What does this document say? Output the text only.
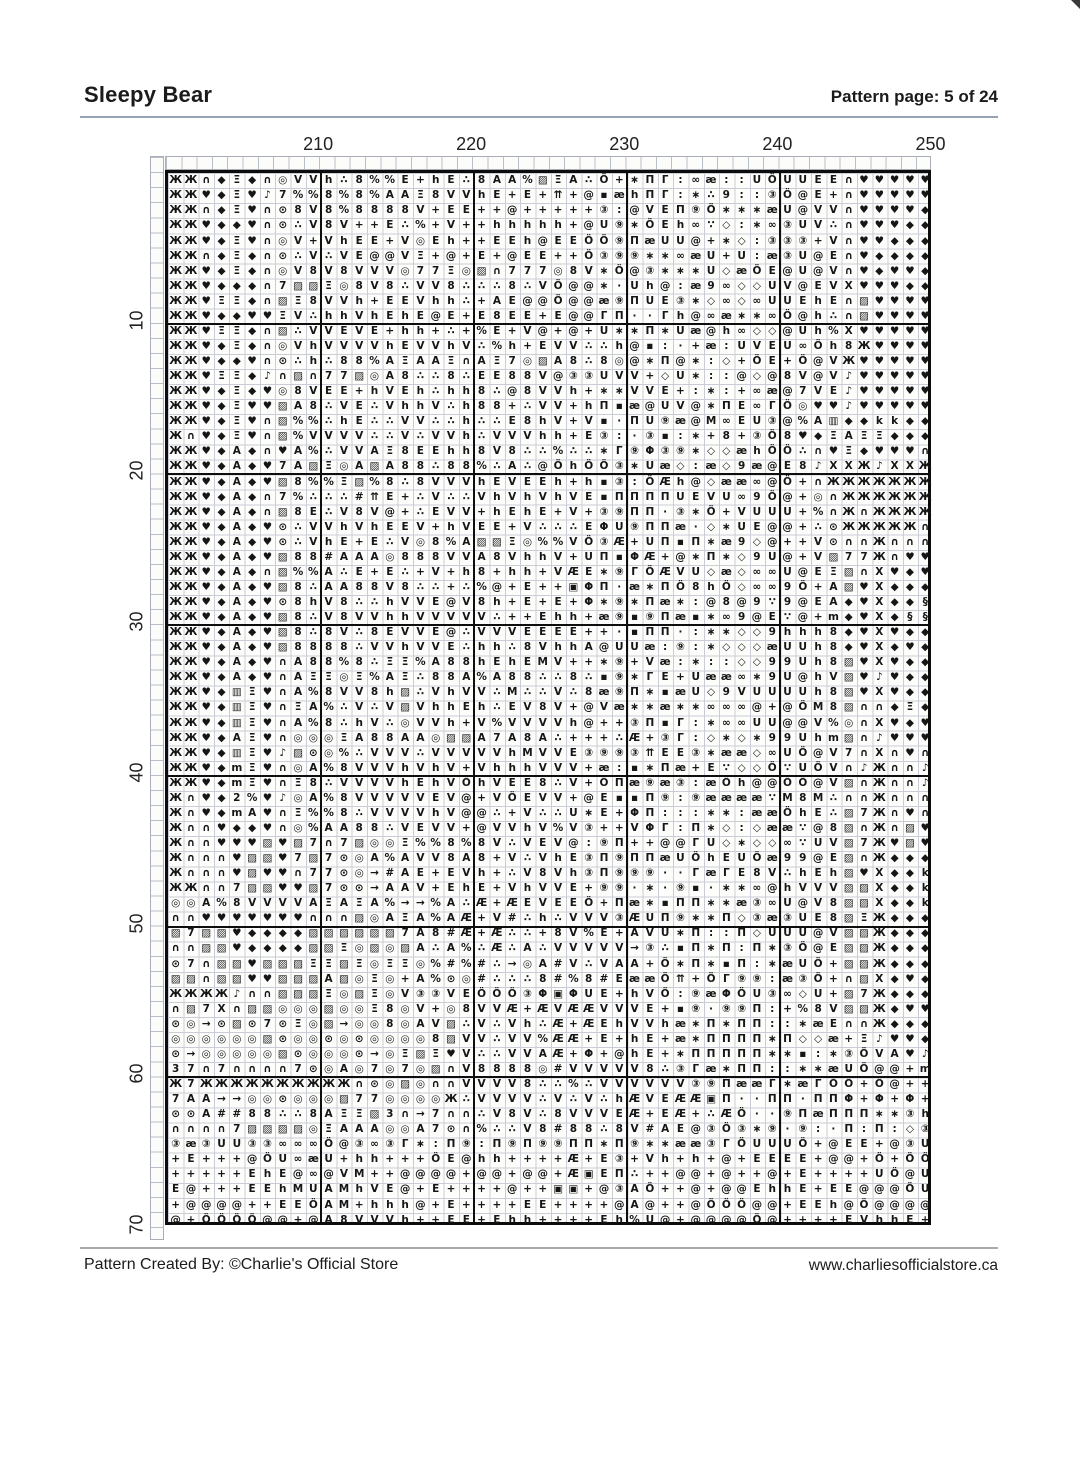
Sleepy Bear	Pattern page: 5 of 24
210	220	230	240	250
10
20
30
40
50
60
70
Ж Ж ∩ ◆ Ξ ◆ ∩ ◎ V V h ∴ 8 % % E + h E ∴ 8 A A % ▨ Ξ A ∴ Ö + ∗ Π Γ : ∞ æ :	: U Ö U U E E ∩ ♥ ♥ ♥ ♥ ♥
Ж Ж ♥ ◆ Ξ ♥ ♪ 7 % % 8 % 8 % A A Ξ 8 V V h E + E + ⇈ + @ ▪ æ h Π Γ : ∗ ∴ 9 :	: ③ Ö @ E + ∩ ♥ ♥ ♥ ♥ ♥
Ж Ж ∩ ◆ Ξ ♥ ∩ ⊙ 8 V 8 % 8 8 8 8 V + E E + + @ + + + + + ③ : @ V E Π ⑨ Ö ∗ ∗ ∗ æ U @ V V ∩ ♥ ♥ ♥ ♥ ◆
Ж Ж ♥ ◆ ◆ ♥ ∩ ⊙ ∴ V 8 V + + E ∴ % + V + + h h h h h + @ U ⑨ ∗ Ö E h ∞ ∵ ◇ : ∗ ∞ ③ U V ∴ ∩ ♥ ♥ ♥ ◆ ◆
Ж Ж ♥ ◆ Ξ ♥ ∩ ◎ V + V h E E + V ◎ E h + + E E h @ E E Ö Ö ⑨ Π æ U U @ + ∗ ◇ : ③ ③ ③ + V ∩ ♥ ♥ ◆ ◆ ◆
Ж Ж ∩ ◆ Ξ ◆ ∩ ⊙ ∴ V ∴ V E @ @ V Ξ + @ + E + @ E E + + Ö ③ ⑨ ⑨ ∗ ∗ ∞ æ U + U : æ ③ U @ E ∩ ♥ ◆ ◆ ◆ ◆
Ж Ж ♥ ◆ Ξ ◆ ∩ ◎ V 8 V 8 V V V ◎ 7 7 Ξ ◎ ▨ ∩ 7 7 7 ◎ 8 V ∗ Ö @ ③ ∗ ∗ ∗ U ◇ æ Ö E @ U @ V ∩ ♥ ◆ ♥ ♥ ◆
Ж Ж ♥ ◆ ◆ ◆ ∩ 7 ▨ ▨ Ξ ◎ 8 V 8 ∴ V V 8 ∴ ∴ ∴ 8 ∴ V Ö @ @ ∗ · U h @ : æ 9 ∞ ◇ ◇ U V @ E V X ♥ ♥ ♥ ◆ ◆
Ж Ж ♥ Ξ Ξ ◆ ∩ ▨ Ξ 8 V V h + E E V h h ∴ + A E @ @ Ö @ @ æ ⑨ Π U E ③ ∗ ◇ ∞ ◇ ∞ U U E h E ∩ ▨ ♥ ♥ ♥ ♥
Ж Ж ♥ ◆ ◆ ♥ ♥ Ξ V ∴ h h V h E h E @ E + E 8 E E + E @ @ Γ Π ·	· Γ h @ ∞ æ ∗ ∗ ∞ Ö @ h ∴ ∩ ▨ ♥ ♥ ♥ ♥
Ж Ж ♥ Ξ Ξ ◆ ∩ ▨ ∴ V V E V E + h h + ∴ + % E + V @ + @ + U ∗ ∗ Π ∗ U æ @ h ∞ ◇ ◇ @ U h % X ♥ ♥ ♥ ♥ ♥
Ж Ж ♥ ◆ Ξ ◆ ∩ ◎ V h V V V V h E V V h V ∴ % h + E V V ∴ ∴ h @ ▪ :	· + æ : U V E U ∞ Ö h 8 Ж ♥ ♥ ♥ ♥
Ж Ж ♥ ◆ ◆ ♥ ∩ ⊙ ∴ h ∴ 8 8 % A Ξ A A Ξ ∩ A Ξ 7 ◎ ▨ A 8 ∴ 8 ◎ @ ∗ Π @ ∗ : ◇ + Ö E + Ö @ V Ж ♥ ♥ ♥ ♥ ♥
Ж Ж ♥ Ξ Ξ ◆ ♪ ∩ ▨ ∩ 7 7 ▨ ◎ A 8 ∴ ∴ 8 ∴ E E 8 8 V @ ③ ③ U V V + ◇ U ∗ :	: @ ◇ @ 8 V @ V ♪ ♥ ♥ ♥ ♥ ♥
Ж Ж ♥ ◆ Ξ ◆ ♥ ◎ 8 V E E + h V E h ∴ h h 8 ∴ @ 8 V V h + ∗ ∗ V V E + : ∗ : + ∞ æ @ 7 V E ♪ ♥ ♥ ♥ ♥ ♥
Ж Ж ♥ ◆ Ξ ♥ ♥ ▨ A 8 ∴ V E ∴ V h h V ∴ h 8 8 + ∴ V V + h Π ▪ æ @ U V @ ∗ Π E ∞ Γ Ö ◎ ♥ ♥ ♪ ♥ ♥ ♥ ♥ ♥
Ж Ж ♥ ◆ Ξ ♥ ∩ ▨ % % ∴ h E ∴ ∴ V V ∴ ∴ h ∴ ∴ E 8 h V + V ▪ · Π U ⑨ æ @ M ∞ E U ③ @ % A ▥ ◆ ◆ k k ◆ ◆
Ж ∩ ♥ ◆ Ξ ♥ ∩ ▨ % V V V V ∴ ∴ V ∴ V V h ∴ V V V h h + E ③ :	· ③ ▪ : ∗ + 8 + ③ Ö 8 ♥ ◆ Ξ A Ξ Ξ ◆ ◆ ◆
Ж Ж ♥ ◆ A ◆ ∩ ♥ A % ∴ V V A Ξ 8 E E h h 8 V 8 ∴ ∴ % ∴ ∴ ∗ Γ ⑨ Φ ③ ⑨ ∗ ◇ ◇ æ h Ö Ö ∴ ∩ ♥ Ξ ◆ ♥ ♥ ♥ ∩
Ж Ж ♥ ◆ A ◆ ♥ 7 A ▨ Ξ ◎ A ▨ A 8 8 ∴ 8 8 % ∴ A ∴ @ Ö h Ö Ö ③ ∗ U æ ◇ : æ ◇ 9 æ @ E 8 ♪ X X Ж ♪ X X Ж
Ж Ж ♥ ◆ A ◆ ♥ ▨ 8 % % Ξ ▨ % 8 ∴ 8 V V V h E V E E h + h ▪ ③ : Ö Æ h @ ◇ æ æ ∞ @ Ö + ∩ Ж Ж Ж Ж Ж Ж Ж
Ж Ж ♥ ◆ A ◆ ∩ 7 % ∴ ∴ ∴ # ⇈ E + ∴ V ∴ ∴ V h V h V h V E ▪ Π Π Π Π U E V U ∞ 9 Ö @ + ◎ ∩ Ж Ж Ж Ж Ж Ж
Ж Ж ♥ ◆ A ◆ ∩ ▨ 8 E ∴ V 8 V @ + ∴ E V V + h E h E + V + ③ ⑨ Π Π · ③ ∗ Ö + V U U U + % ∩ Ж ∩ Ж Ж Ж Ж
Ж Ж ♥ ◆ A ◆ ♥ ⊙ ∴ V V h V h E E V + h V E E + V ∴ ∴ ∴ E Φ U ⑨ Π Π æ · ◇ ∗ U E @ @ + ∴ ⊙ Ж Ж Ж Ж Ж ∩
Ж Ж ♥ ◆ A ◆ ♥ ⊙ ∴ V h E + E ∴ V ◎ 8 % A ▨ ▨ Ξ ◎ % % V Ö ③ Æ + U Π ▪ Π ∗ æ 9 ◇ @ + + V ⊙ ∩ ∩ Ж ∩ ∩ ∩
Ж Ж ♥ ◆ A ◆ ♥ ▨ 8 8 # A A A ◎ 8 8 8 V V A 8 V h h V + U Π ▪ Φ Æ + @ ∗ Π ∗ ◇ 9 U @ + V ▨ 7 7 Ж ∩ ♥ ♥
Ж Ж ♥ ◆ A ◆ ∩ ▨ % % A ∴ E + E ∴ + V + h 8 + h h + V Æ E ∗ ⑨ Γ Ö Æ V U ◇ æ ◇ ∞ ∞ U @ E Ξ ▨ ∩ X ♥ ◆ ♥
Ж Ж ♥ ◆ A ◆ ♥ ▨ 8 ∴ A A 8 8 V 8 ∴ ∴ + ∴ % @ + E + + ▣ Φ Π · æ ∗ Π Ö 8 h Ö ◇ ∞ ∞ 9 Ö + A ▨ ♥ X ◆ ◆ ◆
Ж Ж ♥ ◆ A ◆ ♥ ⊙ 8 h V 8 ∴ ∴ h V V E @ V 8 h + E + E + Φ ∗ ⑨ ∗ Π æ ∗ : @ 8 @ 9 ∵ 9 @ E A ◆ ♥ X ◆ ◆ §
Ж Ж ♥ ◆ A ◆ ♥ ▨ 8 ∴ V 8 V V h h V V V V V ∴ + + E h h + æ ⑨ ▪ ⑨ Π æ ▪ ∗ ∞ 9 @ E ∵ @ + m ◆ ♥ X ◆ § §
Ж Ж ♥ ◆ A ◆ ♥ ▨ 8 ∴ 8 V ∴ 8 E V V E @ ∴ V V V E E E E + + · ▪ Π Π ·	: ∗ ∗ ◇ ◇ 9 h h h 8 ◆ ♥ X ♥ ◆ ◆
Ж Ж ♥ ◆ A ◆ ♥ ▨ 8 8 8 8 ∴ V V h V V E ∴ h h ∴ 8 V h h A @ U U æ : ⑨ : ∗ ◇ ◇ ◇ æ U U h 8 ◆ ♥ X ◆ ♥ ◆
Ж Ж ♥ ◆ A ◆ ♥ ∩ A 8 8 % 8 ∴ Ξ Ξ % A 8 8 h E h E M V + + ∗ ⑨ + V æ : ∗ :	: ◇ ◇ 9 9 U h 8 ▨ ♥ X ♥ ◆ ◆
Ж Ж ♥ ◆ A ◆ ♥ ∩ A Ξ Ξ ◎ Ξ % A Ξ ∴ 8 8 A % A 8 8 ∴ ∴ 8 ∴ ▪ ⑨ ∗ Γ E + U æ æ ∞ ∗ 9 U @ h V ▨ ♥ ♪ ♥ ◆ ◆
Ж Ж ♥ ◆ ▥ Ξ ♥ ∩ A % 8 V V 8 h ▨ ∴ V h V V ∴ M ∴ ∴ V ∴ 8 æ ⑨ Π ∗ ▪ æ U ◇ 9 V U U U U h 8 ▨ ♥ X ♥ ◆ ◆
Ж Ж ♥ ◆ ▥ Ξ ♥ ∩ Ξ A % ∴ V ∴ V ▨ V h h E h ∴ E V 8 V + @ V æ ∗ ∗ æ ∗ ∗ ∞ ∞ ∞ @ + @ Ö M 8 ▨ ∩ ∩ ◆ Ξ ◆
Ж Ж ♥ ◆ ▥ Ξ ♥ ∩ A % 8 ∴ h V ∴ ◎ V V h + V % V V V V h @ + + ③ Π ▪ Γ : ∗ ∞ ∞ U U @ @ V % ◎ ∩ X ♥ ◆ ♥
Ж Ж ♥ ◆ A Ξ ♥ ∩ ◎ ◎ ◎ Ξ A 8 8 A A ◎ ▨ ▨ A 7 A 8 A ∴ + + + ∴ Æ + ③ Γ : ◇ ∗ ◇ ∗ 9 9 U h m ▨ ∩ ♪ ♥ ♥ ♥
Ж Ж ♥ ◆ ▥ Ξ ♥ ♪ ▨ ⊙ ◎ % ∴ V V V ∴ V V V V V h M V V E ③ ⑨ ⑨ ③ ⇈ E E ③ ∗ æ æ ◇ ∞ U Ö @ V 7 ∩ X ∩ ♥ ∩
Ж Ж ♥ ◆ m Ξ ♥ ∩ ◎ A % 8 V V V h V h V + V h h h V V V + æ : ▪ ∗ Π æ + E ∵ ◇ ◇ Ö ∵ U Ö V ∩ ♪ Ж ∩ ∩ ♪
Ж Ж ♥ ◆ m Ξ ♥ ∩ Ξ 8 ∴ V V V V h E h V Ö h V E E 8 ∴ V + Ö Π æ ⑨ æ ③ : æ Ö h @ @ Ö Ö @ V ▨ ∩ Ж ∩ ∩ ♪
Ж ∩ ♥ ◆ 2 % ♥ ♪ ◎ A % 8 V V V V V E V @ + V Ö E V V + @ E ▪ ▪ Π ⑨ : ⑨ æ æ æ æ ∵ M 8 M ∴ ∩ ∩ Ж ∩ ∩ ∩
Ж ∩ ♥ ◆ m A ♥ ∩ Ξ % % 8 ∴ V V V V h V @ @ ∴ + V ∴ ∴ U ∗ E + Φ Π :	:	: ∗ ∗ : æ æ Ö h E ∴ ▨ 7 Ж ∩ ♥ ∩
Ж ∩ ∩ ♥ ◆ ◆ ♥ ∩ ◎ % A A 8 8 ∴ V E V V + @ V V h V % V ③ + + V Φ Γ : Π ∗ ◇ : ◇ æ æ ∵ @ 8 ▨ ∩ Ж ∩ ▨ ♥
Ж ∩ ∩ ♥ ♥ ♥ ▨ ♥ ▨ 7 ∩ 7 ▨ ◎ ◎ Ξ % % 8 % 8 V ∴ V E V @ : ⑨ Π + + @ @ Γ U ◇ ∗ ◇ ◇ ∞ ∵ U V ▨ 7 Ж ♥ ▨ ♥
Ж ∩ ∩ ∩ ♥ ▨ ▨ ♥ 7 ▨ 7 ⊙ ◎ A % A V V 8 A 8 + V ∴ V h E ③ Π ⑨ Π Π æ U Ö h E U Ö æ 9 9 @ E ▨ ∩ Ж ◆ ◆ ◆
Ж ∩ ∩ ∩ ♥ ▨ ♥ ♥ ∩ 7 7 ⊙ ◎ → # A E + E V h + ∴ V 8 V h ③ Π ⑨ ⑨ ⑨ ·	· Γ æ Γ E 8 V ∴ h E h ▨ ♥ X ◆ ◆ k
Ж Ж ∩ ∩ 7 ▨ ▨ ♥ ♥ ▨ 7 ⊙ ⊙ → A A V + E h E + V h V V E + ⑨ ⑨ · ∗ · ⑨ ▪ · ∗ ∗ ∞ @ h V V V ▨ ▨ X ◆ ◆ k
◎ ◎ A % 8 V V V V A Ξ A Ξ A % → → % A ∴ Æ + Æ E V E E Ö + Π æ ∗ ▪ Π Π ∗ ∗ æ ③ ∞ U @ V 8 ▨ ▨ X ◆ ◆ k
∩ ∩ ♥ ♥ ♥ ♥ ♥ ♥ ♥ ∩ ∩ ∩ ▨ ◎ A Ξ A % A Æ + V # ∴ h ∴ V V V ③ Æ U Π ⑨ ∗ ∗ Π ◇ ③ æ ③ U E 8 ▨ Ξ Ж ◆ ◆ ◆
▨ 7 ▨ ▨ ♥ ◆ ◆ ◆ ◆ ▨ ▨ ▨ ▨ ▨ ▨ 7 A 8 # Æ + Æ ∴ ∴ + 8 V % E + A V U ∗ Π :	: Π ◇ U U U @ V ▨ ▨ Ж ◆ ◆ ◆
∩ ∩ ▨ ▨ ♥ ◆ ◆ ◆ ◆ ▨ ▨ Ξ ◎ ▨ ◎ ▨ A ∴ A % ∴ Æ ∴ A ∴ V V V V V → ③ ∴ ▪ Π ∗ Π : Π ∗ ③ Ö @ E ▨ ▨ Ж ◆ ◆ ◆
⊙ 7 ∩ ▨ ▨ ♥ ▨ ▨ ▨ Ξ Ξ ▨ Ξ ◎ Ξ Ξ ◎ % # % # ∴ → ◎ A # V ∴ V A A + Ö ∗ Π ∗ ▪ Π : ∗ æ U Ö + ▨ ▨ Ж ◆ ◆ ◆
▨ ▨ ∩ ▨ ▨ ♥ ♥ ▨ ▨ ▨ A ▨ ◎ Ξ ◎ + A % ⊙ ◎ # ∴ ∴ ∴ 8 # % 8 # E æ æ Ö ⇈ + Ö Γ ⑨ ⑨ : æ ③ Ö + ∩ ▨ X ◆ ♥ ◆
Ж Ж Ж Ж ♪ ∩ ∩ ▨ ▨ ▨ Ξ ◎ ▨ Ξ ◎ V ③ ③ V E Ö Ö Ö ③ Φ ▣ Φ U E + h V Ö : ⑨ æ Φ Ö U ③ ∞ ◇ U + ▨ 7 Ж ◆ ◆ ◆
∩ ▨ 7 X ∩ ▨ ▨ ◎ ◎ ◎ ▨ ◎ ◎ Ξ 8 ◎ V + ◎ 8 V V Æ + Æ V Æ Æ V V V E + ▪ ⑨ · ⑨ ⑨ Π : + % 8 V ▨ ▨ Ж ◆ ♥ ♥
⊙ ◎ → ⊙ ▨ ⊙ 7 ⊙ Ξ ◎ ▨ → ◎ ◎ 8 ◎ A V ▨ ∴ V ∴ V h ∴ Æ + Æ E h V V h æ ∗ Π ∗ Π Π :	: ∗ æ E ∩ ∩ Ж ◆ ◆ ◆
◎ ◎ ◎ ◎ ◎ ◎ ▨ ⊙ ◎ ◎ ⊙ ◎ ⊙ ◎ ◎ ◎ ◎ 8 ▨ V V ∴ V V % Æ Æ + E + h E + æ ∗ Π Π Π Π ∗ Π ◇ ◇ æ + Ξ ♪ ♥ ♥ ◆
⊙ → ◎ ◎ ◎ ◎ ◎ ▨ ⊙ ◎ ◎ ◎ ⊙ → ◎ Ξ ▨ Ξ ♥ V ∴ ∴ V V A Æ + Φ + @ h E + ∗ Π Π Π Π Π ∗ ∗ ▪ : ∗ ③ Ö V A ♥ ♪
3 7 ∩ 7 ∩ ∩ ∩ ∩ 7 ⊙ ◎ A ◎ 7 ◎ 7 ◎ ▨ ∩ V 8 8 8 8 ◎ # V V V V V 8 ∴ ③ Γ æ ∗ Π Π :	: ∗ ∗ æ U Ö @ @ + m
Ж 7 Ж Ж Ж Ж Ж Ж Ж Ж Ж Ж ∩ ⊙ ◎ ▨ ◎ ∩ ∩ V V V V 8 ∴ ∴ % ∴ V V V V V V ③ ⑨ Π æ æ Γ ∗ æ Γ Ö Ö + Ö @ + +
7 A A → → ◎ ◎ ⊙ ◎ ◎ ◎ ▨ 7 7 ◎ ◎ ◎ ◎ Ж ∴ V V V V ∴ V ∴ V ∴ h Æ V E Æ Æ ▣ Π ·	· Π Π · Π Π Φ + Φ + Φ +
⊙ ⊙ A # # 8 8 ∴ ∴ 8 A Ξ Ξ ▨ 3 ∩ → 7 ∩ ∩ ∴ V 8 V ∴ 8 V V V E Æ + E Æ + ∴ Æ Ö ·	· ⑨ Π æ Π Π Π ∗ ∗ ③ h
∩ ∩ ∩ ∩ 7 ▨ ▨ ▨ ▨ ◎ Ξ A A A ◎ ◎ A 7 ⊙ ∩ % ∴ ∴ V 8 # 8 8 ∴ 8 V # A E @ ③ Ö ③ ∗ ⑨ · ⑨ :	· Π : Π : ◇ ③
③ æ ③ U U ③ ③ ∞ ∞ ∞ Ö @ ③ ∞ ③ Γ ∗ : Π ⑨ : Π ⑨ Π ⑨ ⑨ Π Π ∗ Π ⑨ ∗ ∗ æ æ ③ Γ Ö U U U Ö + @ E E + @ ③ U
+ E + + + @ Ö U ∞ æ U + h h + + + Ö E @ h h + + + + Æ + E ③ + V h + h + @ + E E E E + @ @ + Ö + Ö Ö
+ + + + + E h E @ ∞ @ V M + + @ @ @ @ + @ @ + @ @ + Æ ▣ E Π ∴ + + @ @ + @ + + @ + E + + + + U Ö @ U
E @ + + + E E h M U A M h V E @ + E + + + + @ + + ▣ ▣ + @ ③ A Ö + + @ + @ @ E h h E + E E @ @ @ Ö U
+ @ @ @ @ + + E E Ö A M + h h h @ + E + + + + E E + + + + @ A @ + + @ Ö Ö Ö @ @ + E E h @ Ö @ @ @ @
@ + Ö Ö Ö Ö @ @ + @ A 8 V V V h + + E E + E h h + + + + E h % U @ + @ @ @ @ Ö @ + + + + E V h h E +
Pattern Created By: ©Charlie's Official Store	www.charliesofficialstore.ca
